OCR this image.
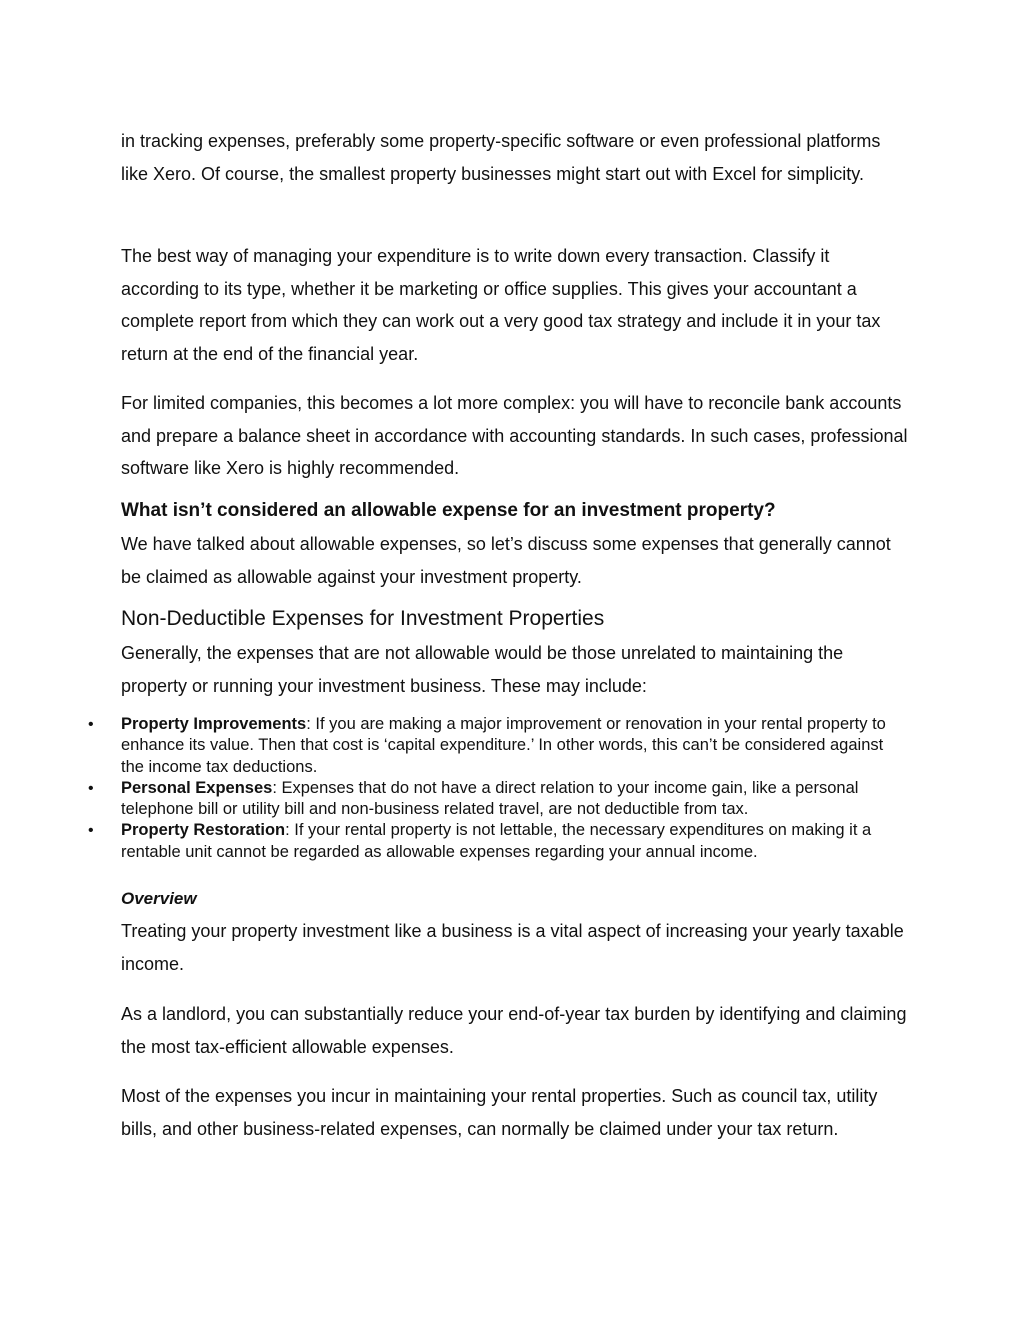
in tracking expenses, preferably some property-specific software or even professional platforms like Xero. Of course, the smallest property businesses might start out with Excel for simplicity.

The best way of managing your expenditure is to write down every transaction. Classify it according to its type, whether it be marketing or office supplies. This gives your accountant a complete report from which they can work out a very good tax strategy and include it in your tax return at the end of the financial year.

For limited companies, this becomes a lot more complex: you will have to reconcile bank accounts and prepare a balance sheet in accordance with accounting standards. In such cases, professional software like Xero is highly recommended.

What isn’t considered an allowable expense for an investment property?

We have talked about allowable expenses, so let’s discuss some expenses that generally cannot be claimed as allowable against your investment property.

Non-Deductible Expenses for Investment Properties

Generally, the expenses that are not allowable would be those unrelated to maintaining the property or running your investment business. These may include:

• Property Improvements: If you are making a major improvement or renovation in your rental property to enhance its value. Then that cost is ‘capital expenditure.’ In other words, this can’t be considered against the income tax deductions.
• Personal Expenses: Expenses that do not have a direct relation to your income gain, like a personal telephone bill or utility bill and non-business related travel, are not deductible from tax.
• Property Restoration: If your rental property is not lettable, the necessary expenditures on making it a rentable unit cannot be regarded as allowable expenses regarding your annual income.

Overview

Treating your property investment like a business is a vital aspect of increasing your yearly taxable income.

As a landlord, you can substantially reduce your end-of-year tax burden by identifying and claiming the most tax-efficient allowable expenses.

Most of the expenses you incur in maintaining your rental properties. Such as council tax, utility bills, and other business-related expenses, can normally be claimed under your tax return.
